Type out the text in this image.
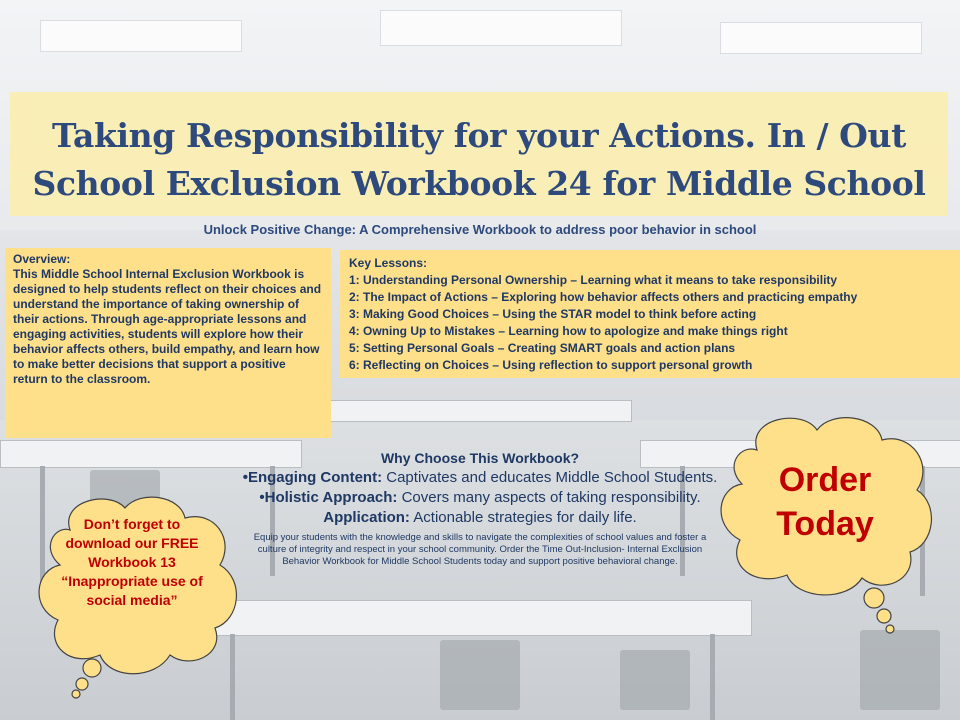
Taking Responsibility for your Actions. In / Out School Exclusion Workbook 24 for Middle School
Unlock Positive Change: A Comprehensive Workbook to address poor behavior in school
Overview:
This Middle School Internal Exclusion Workbook is designed to help students reflect on their choices and understand the importance of taking ownership of their actions. Through age-appropriate lessons and engaging activities, students will explore how their behavior affects others, build empathy, and learn how to make better decisions that support a positive return to the classroom.
Key Lessons:
1: Understanding Personal Ownership – Learning what it means to take responsibility
2: The Impact of Actions – Exploring how behavior affects others and practicing empathy
3: Making Good Choices – Using the STAR model to think before acting
4: Owning Up to Mistakes – Learning how to apologize and make things right
5: Setting Personal Goals – Creating SMART goals and action plans
6: Reflecting on Choices – Using reflection to support personal growth
Why Choose This Workbook?
•Engaging Content: Captivates and educates Middle School Students.
•Holistic Approach: Covers many aspects of taking responsibility.
Application: Actionable strategies for daily life.
Equip your students with the knowledge and skills to navigate the complexities of school values and foster a culture of integrity and respect in your school community. Order the Time Out-Inclusion- Internal Exclusion Behavior Workbook for Middle School Students today and support positive behavioral change.
Don’t forget to download our FREE Workbook 13 “Inappropriate use of social media”
Order Today
